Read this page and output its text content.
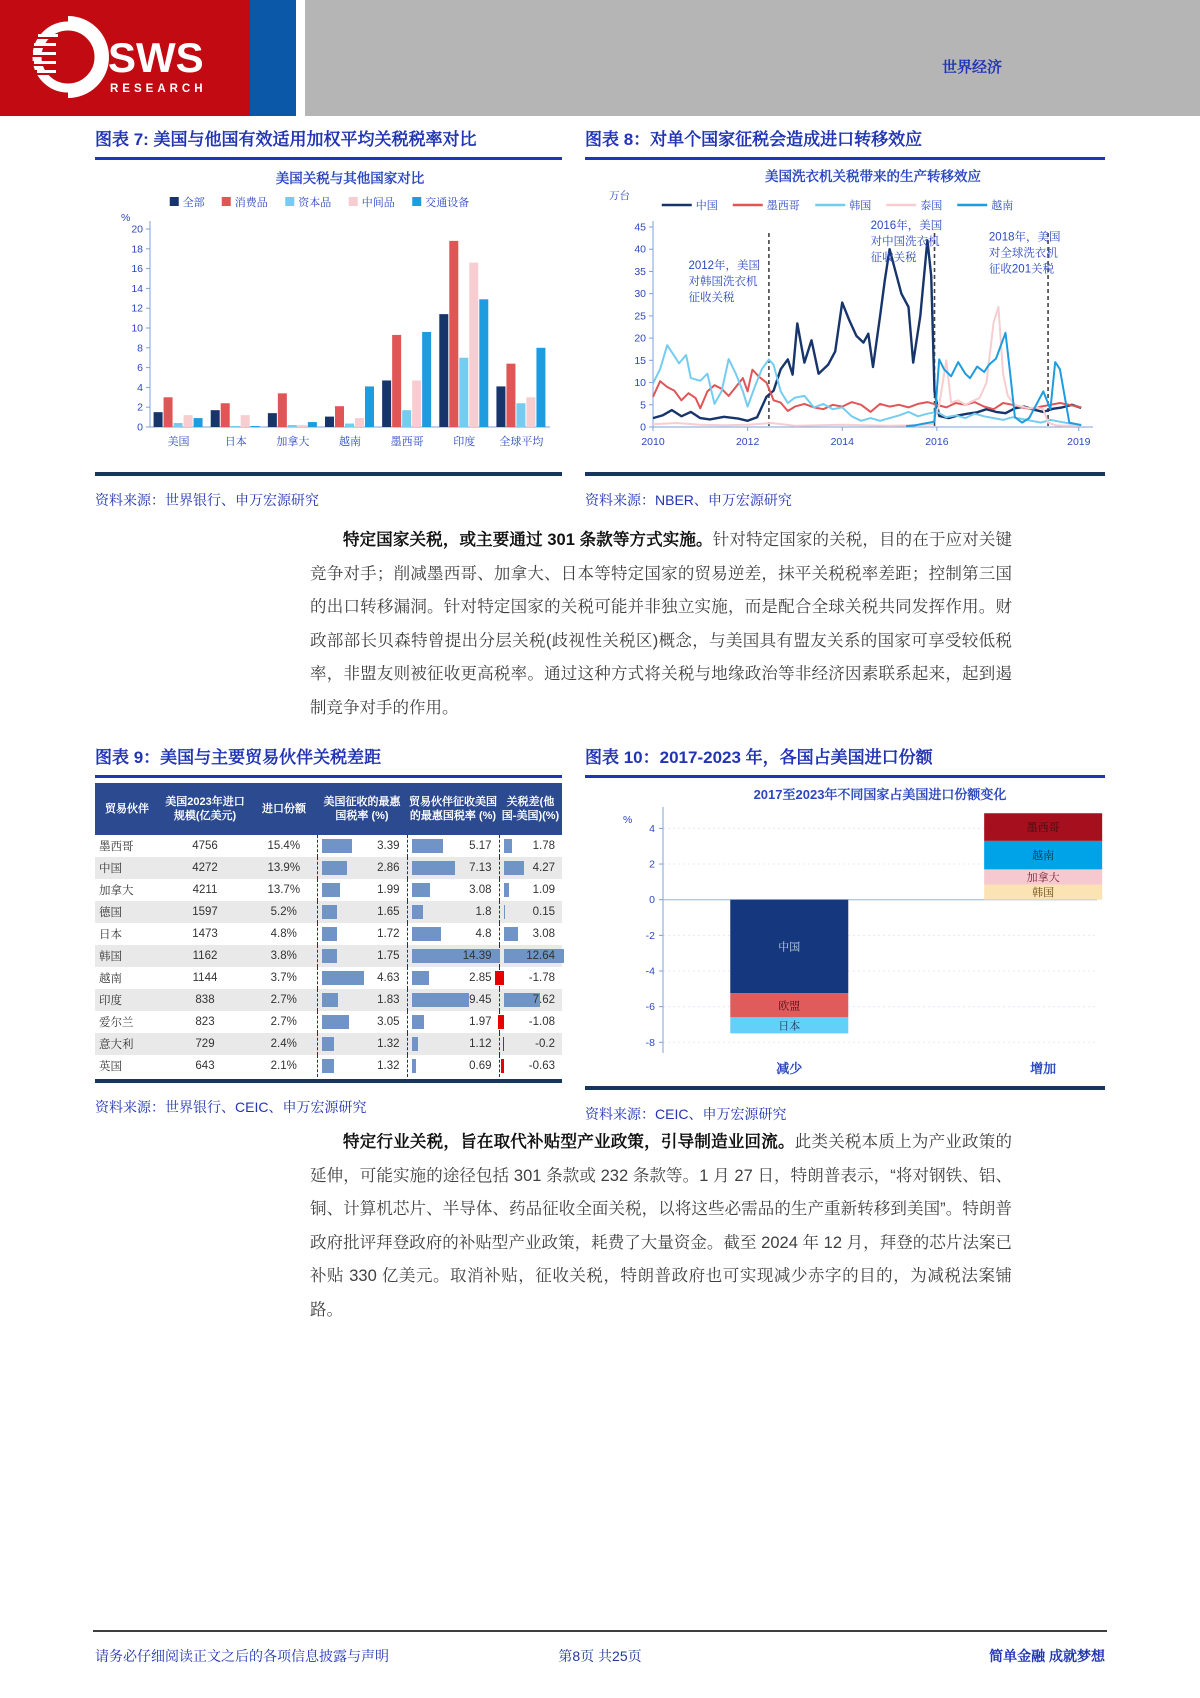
SWS
RESEARCH
世界经济
图表 7: 美国与他国有效适用加权平均关税税率对比
美国关税与其他国家对比
全部	消费品	资本品	中间品	交通设备
%
0
2
4
6
8
10
12
14
16
18
20
美国	日本	加拿大	越南	墨西哥	印度 全球平均
资料来源：世界银行、申万宏源研究
图表 8：对单个国家征税会造成进口转移效应
美国洗衣机关税带来的生产转移效应
万台
中国	墨西哥	韩国	泰国	越南
0
5
10
15
20
25
30
35
40
45
2010	2012	2014	2016	2019
2012年，美国
对韩国洗衣机
征收关税
2016年，美国
对中国洗衣机
征收关税
2018年，美国
对全球洗衣机
征收201关税
资料来源：NBER、申万宏源研究

特定国家关税，或主要通过 301 条款等方式实施。针对特定国家的关税，目的在于应对关键竞争对手；削减墨西哥、加拿大、日本等特定国家的贸易逆差，抹平关税税率差距；控制第三国的出口转移漏洞。针对特定国家的关税可能并非独立实施，而是配合全球关税共同发挥作用。财政部部长贝森特曾提出分层关税(歧视性关税区)概念，与美国具有盟友关系的国家可享受较低税率，非盟友则被征收更高税率。通过这种方式将关税与地缘政治等非经济因素联系起来，起到遏制竞争对手的作用。

图表 9：美国与主要贸易伙伴关税差距
贸易伙伴	美国2023年进口规模(亿美元)	进口份额	美国征收的最惠国税率 (%)	贸易伙伴征收美国的最惠国税率 (%)	关税差(他国-美国)(%)
墨西哥	4756	15.4%	3.39	5.17	1.78

中国	4272	13.9%	2.86	7.13	4.27

加拿大	4211	13.7%	1.99	3.08	1.09

德国	1597	5.2%	1.65	1.8	0.15

日本	1473	4.8%	1.72	4.8	3.08

韩国	1162	3.8%	1.75	14.39	12.64

越南	1144	3.7%	4.63	2.85	-1.78

印度	838	2.7%	1.83	9.45	7.62

爱尔兰	823	2.7%	3.05	1.97	-1.08

意大利	729	2.4%	1.32	1.12	-0.2

英国	643	2.1%	1.32	0.69	-0.63
资料来源：世界银行、CEIC、申万宏源研究
图表 10：2017-2023 年，各国占美国进口份额
2017至2023年不同国家占美国进口份额变化
%
4
2
0
-2
-4
-6
-8
中国
欧盟
日本
减少
韩国
加拿大
越南
墨西哥
增加
资料来源：CEIC、申万宏源研究

特定行业关税，旨在取代补贴型产业政策，引导制造业回流。此类关税本质上为产业政策的延伸，可能实施的途径包括 301 条款或 232 条款等。1 月 27 日，特朗普表示，“将对钢铁、铝、铜、计算机芯片、半导体、药品征收全面关税，以将这些必需品的生产重新转移到美国”。特朗普政府批评拜登政府的补贴型产业政策，耗费了大量资金。截至 2024 年 12 月，拜登的芯片法案已补贴 330 亿美元。取消补贴，征收关税，特朗普政府也可实现减少赤字的目的，为减税法案铺路。

请务必仔细阅读正文之后的各项信息披露与声明	第8页 共25页	简单金融 成就梦想
